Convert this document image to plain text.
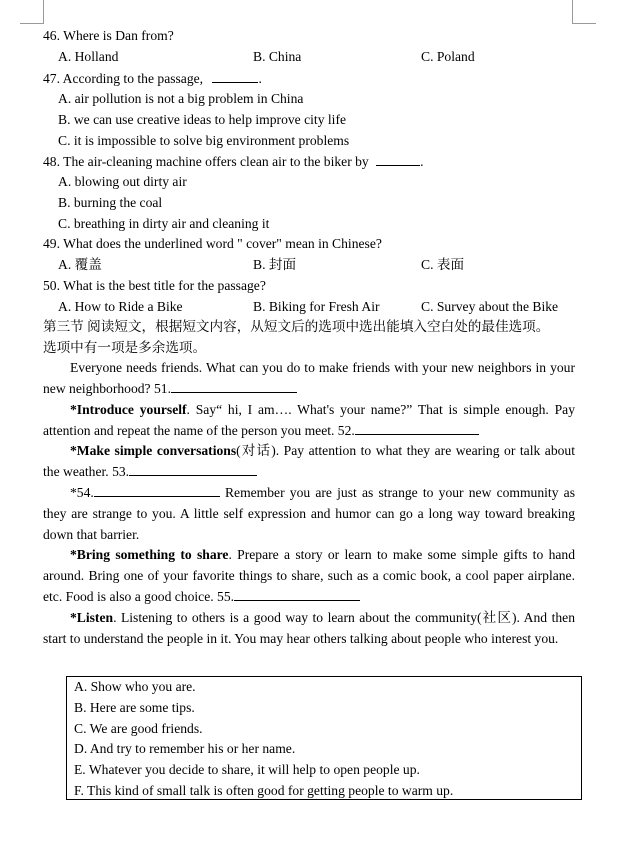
46. Where is Dan from?
A. Holland	B. China	C. Poland
47. According to the passage,	.
A. air pollution is not a big problem in China
B. we can use creative ideas to help improve city life
C. it is impossible to solve big environment problems
48. The air-cleaning machine offers clean air to the biker by	.
A. blowing out dirty air
B. burning the coal
C. breathing in dirty air and cleaning it
49. What does the underlined word " cover" mean in Chinese?
A. 覆盖	B. 封面	C. 表面
50. What is the best title for the passage?
A. How to Ride a Bike	B. Biking for Fresh Air	C. Survey about the Bike
第三节 阅读短文，根据短文内容，从短文后的选项中选出能填入空白处的最佳选项。
选项中有一项是多余选项。
Everyone needs friends. What can you do to make friends with your new neighbors in your new neighborhood? 51.
*Introduce yourself. Say“ hi, I am…. What's your name?” That is simple enough. Pay attention and repeat the name of the person you meet. 52.
*Make simple conversations(对话). Pay attention to what they are wearing or talk about the weather. 53.
*54.	Remember you are just as strange to your new community as they are strange to you. A little self expression and humor can go a long way toward breaking down that barrier.
*Bring something to share. Prepare a story or learn to make some simple gifts to hand around. Bring one of your favorite things to share, such as a comic book, a cool paper airplane. etc. Food is also a good choice. 55.
*Listen. Listening to others is a good way to learn about the community(社区). And then start to understand the people in it. You may hear others talking about people who interest you.
A. Show who you are.
B. Here are some tips.
C. We are good friends.
D. And try to remember his or her name.
E. Whatever you decide to share, it will help to open people up.
F. This kind of small talk is often good for getting people to warm up.
